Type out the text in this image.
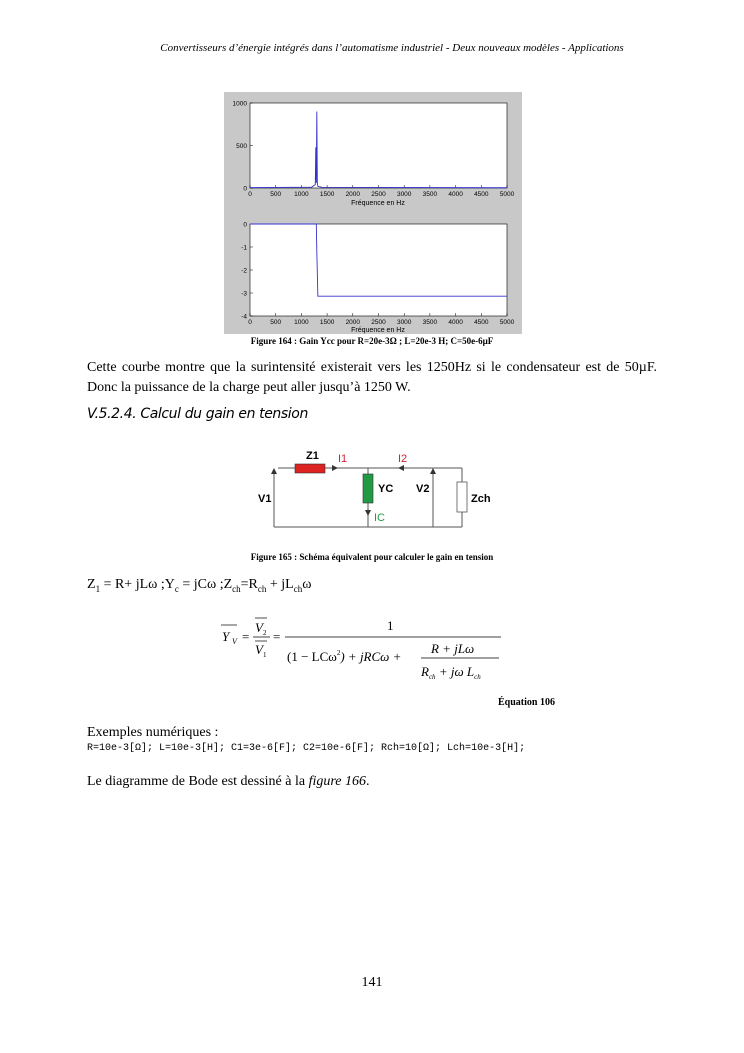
Convertisseurs d’énergie intégrés dans l’automatisme industriel - Deux nouveaux modèles - Applications
0	500 1000 1500 2000 2500 3000 3500 4000 4500 5000
1000
500
0
0	500 1000 1500 2000 2500 3000 3500 4000 4500 5000
0
-1
-2
-3
-4
Fréquence en Hz
Fréquence en Hz
Figure 164 : Gain Ycc pour R=20e-3Ω ; L=20e-3 H; C=50e-6µF
Cette courbe montre que la surintensité existerait vers les 1250Hz si le condensateur est de 50µF. Donc la puissance de la charge peut aller jusqu’à 1250 W.
V.5.2.4. Calcul du gain en tension
Z1 I1	I2
YC
IC
V1
V2
Zch
Figure 165 : Schéma équivalent pour calculer le gain en tension
$Z_1 = R+ jL\omega$ $;Y_c = jC\omega$ $;Z_{ch}=R_{ch} + jL_{ch}\omega$
Y V =
V 2
V 1
=
1
(1 − LCω$^2$) + jRCω +
R + jLω
$R_{ch} + j\omega$ $L_{ch}$
Équation 106
Exemples numériques :
R=10e-3[Ω]; L=10e-3[H]; C1=3e-6[F]; C2=10e-6[F]; Rch=10[Ω]; Lch=10e-3[H];
Le diagramme de Bode est dessiné à la figure 166.
141
